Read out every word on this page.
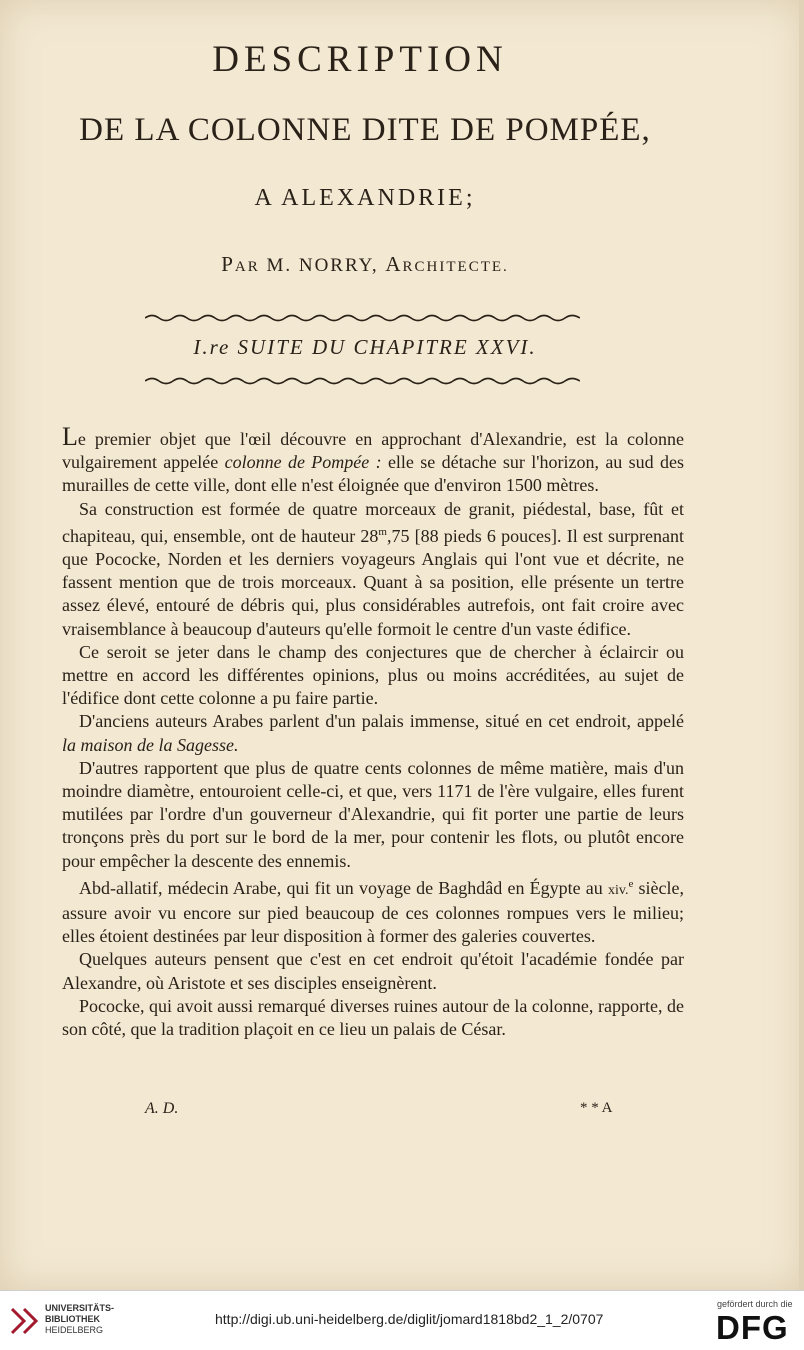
DESCRIPTION
DE LA COLONNE DITE DE POMPÉE,
A ALEXANDRIE;
PAR M. NORRY, ARCHITECTE.
I.re SUITE DU CHAPITRE XXVI.

Le premier objet que l'œil découvre en approchant d'Alexandrie, est la colonne vulgairement appelée colonne de Pompée : elle se détache sur l'horizon, au sud des murailles de cette ville, dont elle n'est éloignée que d'environ 1500 mètres.

Sa construction est formée de quatre morceaux de granit, piédestal, base, fût et chapiteau, qui, ensemble, ont de hauteur 28$^m$,75 [88 pieds 6 pouces]. Il est surprenant que Pococke, Norden et les derniers voyageurs Anglais qui l'ont vue et décrite, ne fassent mention que de trois morceaux. Quant à sa position, elle présente un tertre assez élevé, entouré de débris qui, plus considérables autrefois, ont fait croire avec vraisemblance à beaucoup d'auteurs qu'elle formoit le centre d'un vaste édifice.

Ce seroit se jeter dans le champ des conjectures que de chercher à éclaircir ou mettre en accord les différentes opinions, plus ou moins accréditées, au sujet de l'édifice dont cette colonne a pu faire partie.

D'anciens auteurs Arabes parlent d'un palais immense, situé en cet endroit, appelé la maison de la Sagesse.

D'autres rapportent que plus de quatre cents colonnes de même matière, mais d'un moindre diamètre, entouroient celle-ci, et que, vers 1171 de l'ère vulgaire, elles furent mutilées par l'ordre d'un gouverneur d'Alexandrie, qui fit porter une partie de leurs tronçons près du port sur le bord de la mer, pour contenir les flots, ou plutôt encore pour empêcher la descente des ennemis.

Abd-allatif, médecin Arabe, qui fit un voyage de Baghdâd en Égypte au xiv.$^e$ siècle, assure avoir vu encore sur pied beaucoup de ces colonnes rompues vers le milieu; elles étoient destinées par leur disposition à former des galeries couvertes.

Quelques auteurs pensent que c'est en cet endroit qu'étoit l'académie fondée par Alexandre, où Aristote et ses disciples enseignèrent.

Pococke, qui avoit aussi remarqué diverses ruines autour de la colonne, rapporte, de son côté, que la tradition plaçoit en ce lieu un palais de César.

A. D.	* * A
UNIVERSITÄTS-
BIBLIOTHEK
HEIDELBERG
http://digi.ub.uni-heidelberg.de/diglit/jomard1818bd2_1_2/0707
gefördert durch die
DFG
